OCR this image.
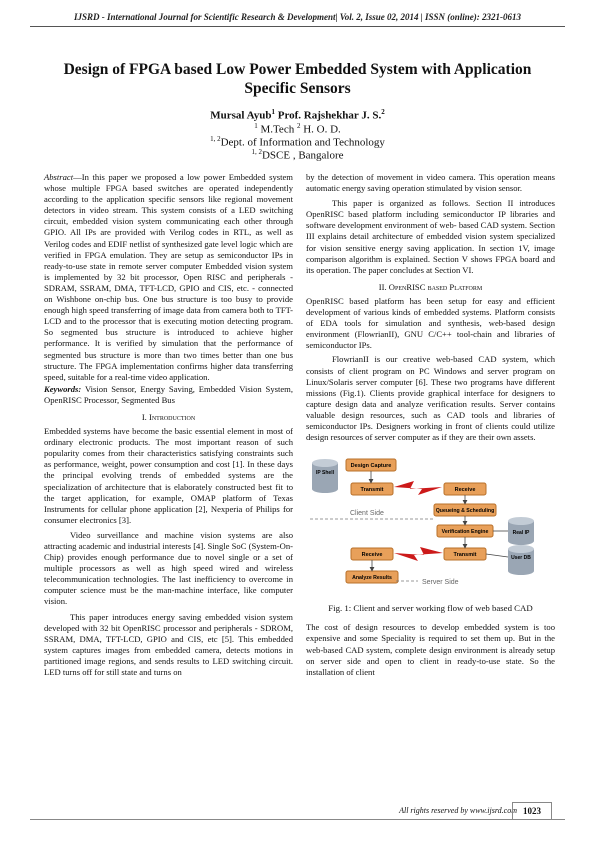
IJSRD - International Journal for Scientific Research & Development| Vol. 2, Issue 02, 2014 | ISSN (online): 2321-0613
Design of FPGA based Low Power Embedded System with Application Specific Sensors
Mursal Ayub$^1$ Prof. Rajshekhar J. S.$^2$
$^1$ M.Tech $^2$ H. O. D.
$^{1, 2}$Dept. of Information and Technology
$^{1, 2}$DSCE , Bangalore

Abstract—In this paper we proposed a low power Embedded system whose multiple FPGA based switches are operated independently according to the application specific sensors like regional movement detectors in video stream. This system consists of a LED switching circuit, embedded vision system communicating each other through GPIO. All IPs are provided with Verilog codes in RTL, as well as Verilog codes and EDIF netlist of synthesized gate level logic which are verified in FPGA emulation. They are setup as semiconductor IPs in ready-to-use state in remote server computer Embedded vision system is implemented by 32 bit processor, Open RISC and peripherals - SDRAM, SSRAM, DMA, TFT-LCD, GPIO and CIS, etc. - connected on Wishbone on-chip bus. One bus structure is too busy to provide enough high speed transferring of image data from camera both to TFT-LCD and to the processor that is executing motion detecting program. So segmented bus structure is introduced to achieve higher performance. It is verified by simulation that the performance of segmented bus structure is more than two times better than one bus structure. The FPGA implementation confirms higher data transferring speed, suitable for a real-time video application.

Keywords: Vision Sensor, Energy Saving, Embedded Vision System, OpenRISC Processor, Segmented Bus

I. Introduction

Embedded systems have become the basic essential element in most of ordinary electronic products. The most important reason of such popularity comes from their characteristics satisfying constraints such as performance, weight, power consumption and cost [1]. In these days the principal evolving trends of embedded systems are the specialization of architecture that is elaborately constructed best fit to the target application, for example, OMAP platform of Texas Instruments for cellular phone application [2], Nexperia of Philips for consumer electronics [3].

Video surveillance and machine vision systems are also attracting academic and industrial interests [4]. Single SoC (System-On-Chip) provides enough performance due to novel single or a set of multiple processors as well as high speed wired and wireless telecommunication technologies. The last inefficiency to overcome in computer science must be the man-machine interface, like computer vision.

This paper introduces energy saving embedded vision system developed with 32 bit OpenRISC processor and peripherals - SDROM, SSRAM, DMA, TFT-LCD, GPIO and CIS, etc [5]. This embedded system captures images from embedded camera, detects motions in partitioned image regions, and sends results to LED switching circuit. LED turns off for still state and turns on

by the detection of movement in video camera. This operation means automatic energy saving operation stimulated by vision sensor.

This paper is organized as follows. Section II introduces OpenRISC based platform including semiconductor IP libraries and software development environment of web- based CAD system. Section III explains detail architecture of embedded vision system specialized for vision sensitive energy saving application. In section 1V, image comparison algorithm is explained. Section V shows FPGA board and its operation. The paper concludes at Section VI.

II. OpenRISC based Platform

OpenRISC based platform has been setup for easy and efficient development of various kinds of embedded systems. Platform consists of EDA tools for simulation and synthesis, web-based design environment (FlowrianII), GNU C/C++ tool-chain and libraries of semiconductor IPs.

FlowrianII is our creative web-based CAD system, which consists of client program on PC Windows and server program on Linux/Solaris server computer [6]. These two programs have different missions (Fig.1). Clients provide graphical interface for designers to capture design data and analyze verification results. Server contains valuable design resources, such as CAD tools and libraries of semiconductor IPs. Designers working in front of clients could utilize design resources of server computer as if they are their own assets.

IP Shell
Design Capture
Transmit	Receive
Queueing & Scheduling
Verification Engine
Transmit
Real IP
User DB
Receive
Analyze Results
Client Side
Server Side
Fig. 1: Client and server working flow of web based CAD

The cost of design resources to develop embedded system is too expensive and some Speciality is required to set them up. But in the web-based CAD system, complete design environment is already setup on server side and open to client in ready-to-use state. So the installation of client

All rights reserved by www.ijsrd.com 1023
